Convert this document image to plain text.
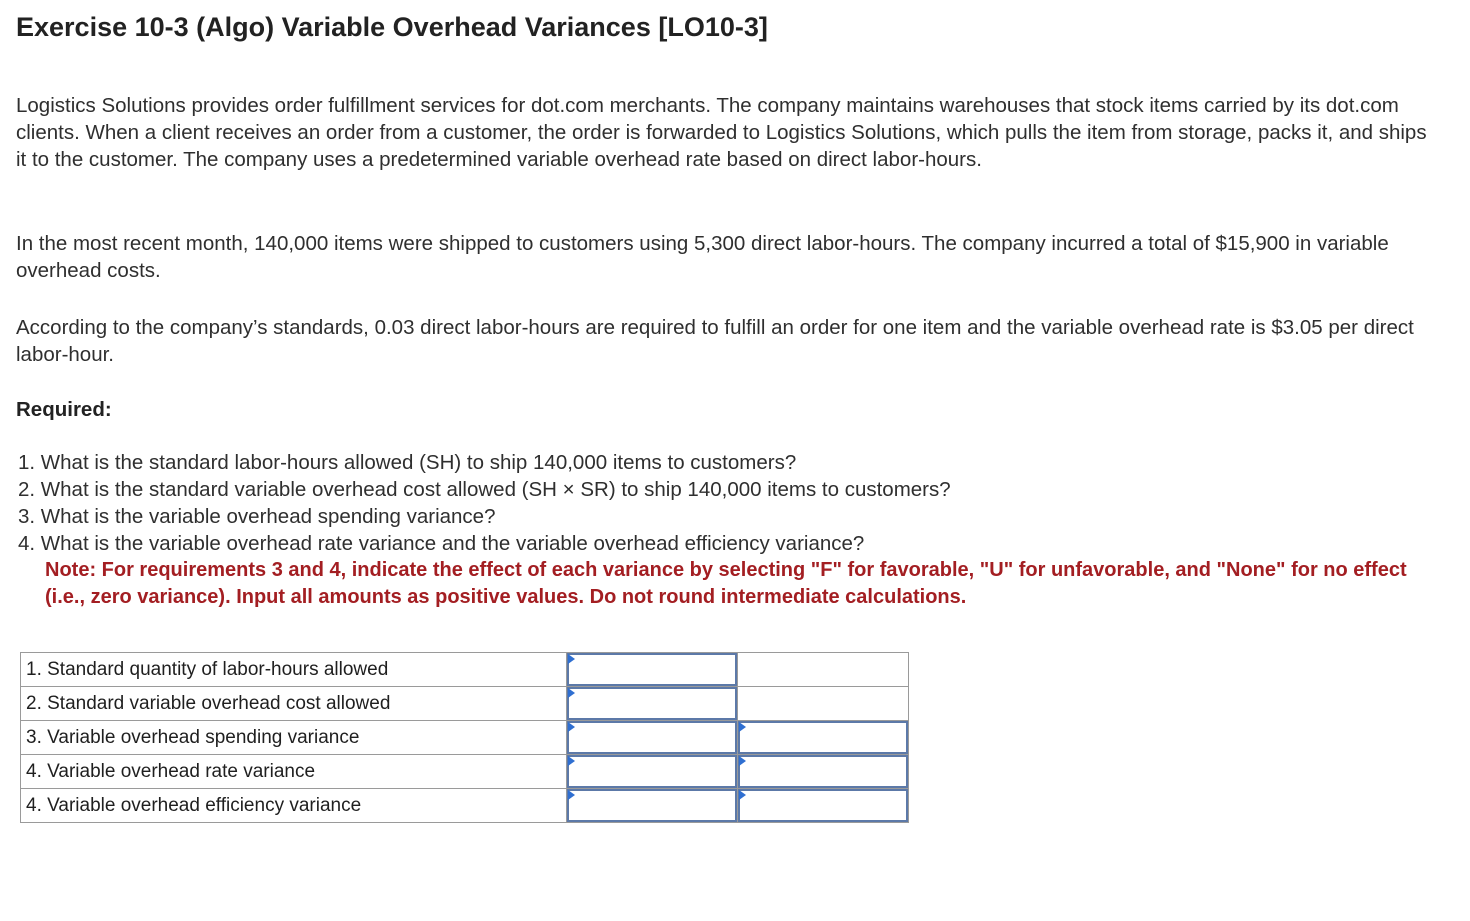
Exercise 10-3 (Algo) Variable Overhead Variances [LO10-3]

Logistics Solutions provides order fulfillment services for dot.com merchants. The company maintains warehouses that stock items carried by its dot.com clients. When a client receives an order from a customer, the order is forwarded to Logistics Solutions, which pulls the item from storage, packs it, and ships it to the customer. The company uses a predetermined variable overhead rate based on direct labor-hours.

In the most recent month, 140,000 items were shipped to customers using 5,300 direct labor-hours. The company incurred a total of $15,900 in variable overhead costs.

According to the company’s standards, 0.03 direct labor-hours are required to fulfill an order for one item and the variable overhead rate is $3.05 per direct labor-hour.

Required:

1. What is the standard labor-hours allowed (SH) to ship 140,000 items to customers?
2. What is the standard variable overhead cost allowed (SH × SR) to ship 140,000 items to customers?
3. What is the variable overhead spending variance?
4. What is the variable overhead rate variance and the variable overhead efficiency variance?
Note: For requirements 3 and 4, indicate the effect of each variance by selecting "F" for favorable, "U" for unfavorable, and "None" for no effect (i.e., zero variance). Input all amounts as positive values. Do not round intermediate calculations.
1. Standard quantity of labor-hours allowed	

2. Standard variable overhead cost allowed	

3. Variable overhead spending variance	

4. Variable overhead rate variance	

4. Variable overhead efficiency variance	
